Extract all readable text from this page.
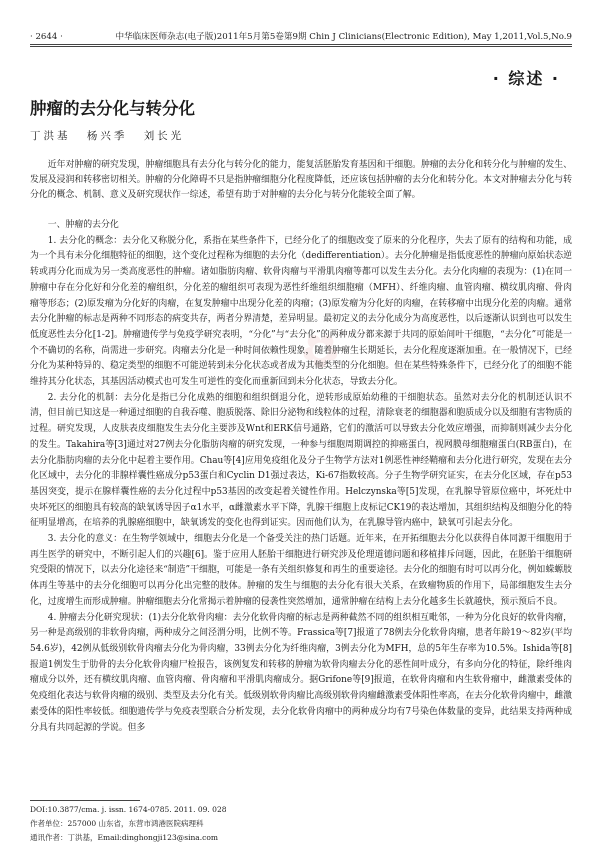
✿
· 2644 ·	中华临床医师杂志(电子版)2011年5月第5卷第9期 Chin J Clinicians(Electronic Edition), May 1,2011,Vol.5,No.9
· 综述 ·
肿瘤的去分化与转分化
丁洪基 杨兴季 刘长光
近年对肿瘤的研究发现，肿瘤细胞具有去分化与转分化的能力，能复活胚胎发育基因和干细胞。肿瘤的去分化和转分化与肿瘤的发生、发展及浸润和转移密切相关。肿瘤的分化障碍不只是指肿瘤细胞分化程度降低，还应该包括肿瘤的去分化和转分化。本文对肿瘤去分化与转分化的概念、机制、意义及研究现状作一综述，希望有助于对肿瘤的去分化与转分化能较全面了解。

一、肿瘤的去分化

1. 去分化的概念：去分化又称脱分化，系指在某些条件下，已经分化了的细胞改变了原来的分化程序，失去了原有的结构和功能，成为一个具有未分化细胞特征的细胞，这个变化过程称为细胞的去分化（dedifferentiation）。去分化肿瘤是指低度恶性的肿瘤向原始状态逆转或再分化而成为另一类高度恶性的肿瘤。诸如脂肪肉瘤、软骨肉瘤与平滑肌肉瘤等都可以发生去分化。去分化肉瘤的表现为：(1)在同一肿瘤中存在分化好和分化差的瘤组织，分化差的瘤组织可表现为恶性纤维组织细胞瘤（MFH）、纤维肉瘤、血管肉瘤、横纹肌肉瘤、骨肉瘤等形态；(2)原发瘤为分化好的肉瘤，在复发肿瘤中出现分化差的肉瘤；(3)原发瘤为分化好的肉瘤，在转移瘤中出现分化差的肉瘤。通常去分化肿瘤的标志是两种不同形态的病变共存，两者分界清楚，差异明显。最初定义的去分化成分为高度恶性，以后逐渐认识到也可以发生低度恶性去分化[1-2]。肿瘤遗传学与免疫学研究表明，“分化”与“去分化”的两种成分都来源于共同的原始间叶干细胞，“去分化”可能是一个不确切的名称，尚需进一步研究。肉瘤去分化是一种时间依赖性现象，随着肿瘤生长期延长，去分化程度逐渐加重。在一般情况下，已经分化为某种特异的、稳定类型的细胞不可能逆转到未分化状态或者成为其他类型的分化细胞。但在某些特殊条件下，已经分化了的细胞不能维持其分化状态，其基因活动模式也可发生可逆性的变化而重新回到未分化状态，导致去分化。

2. 去分化的机制：去分化是指已分化成熟的细胞和组织倒退分化，逆转形成原始幼稚的干细胞状态。虽然对去分化的机制还认识不清，但目前已知这是一种通过细胞的自我吞噬、胞质脱落、除旧分泌物和线粒体的过程，清除衰老的细胞器和胞质成分以及细胞有害物质的过程。研究发现，人皮肤表皮细胞发生去分化主要涉及Wnt和ERK信号通路，它们的激活可以导致去分化效应增强，而抑制则减少去分化的发生。Takahira等[3]通过对27例去分化脂肪肉瘤的研究发现，一种参与细胞周期调控的抑癌蛋白，视网膜母细胞瘤蛋白(RB蛋白)，在去分化脂肪肉瘤的去分化中起着主要作用。Chau等[4]应用免疫组化及分子生物学方法对1例恶性神经鞘瘤和去分化进行研究，发现在去分化区域中，去分化的非腺样囊性癌成分p53蛋白和Cyclin D1强过表达，Ki-67指数较高。分子生物学研究证实，在去分化区域，存在p53基因突变，提示在腺样囊性癌的去分化过程中p53基因的改变起着关键性作用。Helczynska等[5]发现，在乳腺导管原位癌中，坏死灶中央坏死区的细胞具有较高的缺氧诱导因子α1水平，α雌激素水平下降，乳腺干细胞上皮标记CK19的表达增加，其组织结构及细胞分化的特征明显增高，在培养的乳腺癌细胞中，缺氧诱发的变化也得到证实。因而他们认为，在乳腺导管内癌中，缺氧可引起去分化。

3. 去分化的意义：在生物学领域中，细胞去分化是一个备受关注的热门话题。近年来，在开拓细胞去分化以获得自体同源干细胞用于再生医学的研究中，不断引起人们的兴趣[6]。鉴于应用人胚胎干细胞进行研究涉及伦理道德问题和移植排斥问题，因此，在胚胎干细胞研究受限的情况下，以去分化途径来“制造”干细胞，可能是一条有关组织修复和再生的重要途径。去分化的细胞有时可以再分化，例如蝾螈肢体再生等基中的去分化细胞可以再分化出完整的肢体。肿瘤的发生与细胞的去分化有很大关系，在致瘤物质的作用下，局部细胞发生去分化，过度增生而形成肿瘤。肿瘤细胞去分化常揭示着肿瘤的侵袭性突然增加，通常肿瘤在结构上去分化越多生长就越快，预示预后不良。

4. 肿瘤去分化研究现状：(1)去分化软骨肉瘤：去分化软骨肉瘤的标志是两种截然不同的组织相互毗邻，一种为分化良好的软骨肉瘤，另一种是高级别的非软骨肉瘤，两种成分之间泾渭分明，比例不等。Frassica等[7]报道了78例去分化软骨肉瘤，患者年龄19～82岁(平均54.6岁)，42例从低级别软骨肉瘤去分化为骨肉瘤，33例去分化为纤维肉瘤，3例去分化为MFH，总的5年生存率为10.5%。Ishida等[8]报道1例发生于肋骨的去分化软骨肉瘤尸检报告，该例复发和转移的肿瘤为软骨肉瘤去分化的恶性间叶成分，有多向分化的特征，除纤维肉瘤成分以外，还有横纹肌肉瘤、血管肉瘤、骨肉瘤和平滑肌肉瘤成分。据Grifone等[9]报道，在软骨肉瘤和内生软骨瘤中，雌激素受体的免疫组化表达与软骨肉瘤的级别、类型及去分化有关。低级别软骨肉瘤比高级别软骨肉瘤雌激素受体阳性率高，在去分化软骨肉瘤中，雌激素受体的阳性率较低。细胞遗传学与免疫表型联合分析发现，去分化软骨肉瘤中的两种成分均有7号染色体数量的变异，此结果支持两种成分具有共同起源的学说。但多

DOI:10.3877/cma. j. issn. 1674-0785. 2011. 09. 028
作者单位：257000 山东省，东营市鸿港医院病理科
通讯作者：丁洪基，Email:dinghongji123@sina.com
